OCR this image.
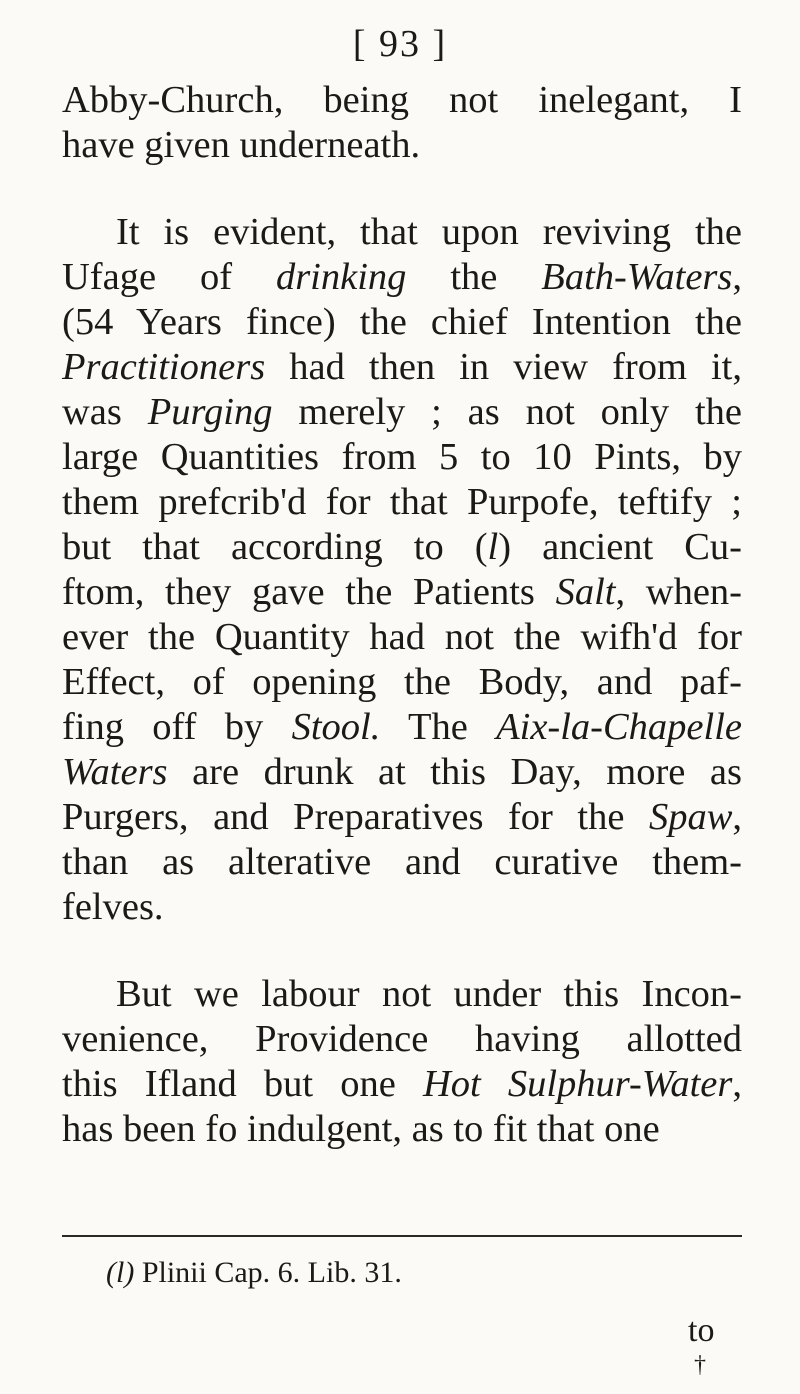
[ 93 ]
Abby-Church, being not inelegant, I
have given underneath.
It is evident, that upon reviving the
Ufage of drinking the Bath-Waters,
(54 Years fince) the chief Intention the
Practitioners had then in view from it,
was Purging merely ; as not only the
large Quantities from 5 to 10 Pints, by
them prefcrib'd for that Purpofe, teftify ;
but that according to (l) ancient Cu-
ftom, they gave the Patients Salt, when-
ever the Quantity had not the wifh'd for
Effect, of opening the Body, and paf-
fing off by Stool. The Aix-la-Chapelle
Waters are drunk at this Day, more as
Purgers, and Preparatives for the Spaw,
than as alterative and curative them-
felves.
But we labour not under this Incon-
venience, Providence having allotted
this Ifland but one Hot Sulphur-Water,
has been fo indulgent, as to fit that one
(l) Plinii Cap. 6. Lib. 31.
to
†
